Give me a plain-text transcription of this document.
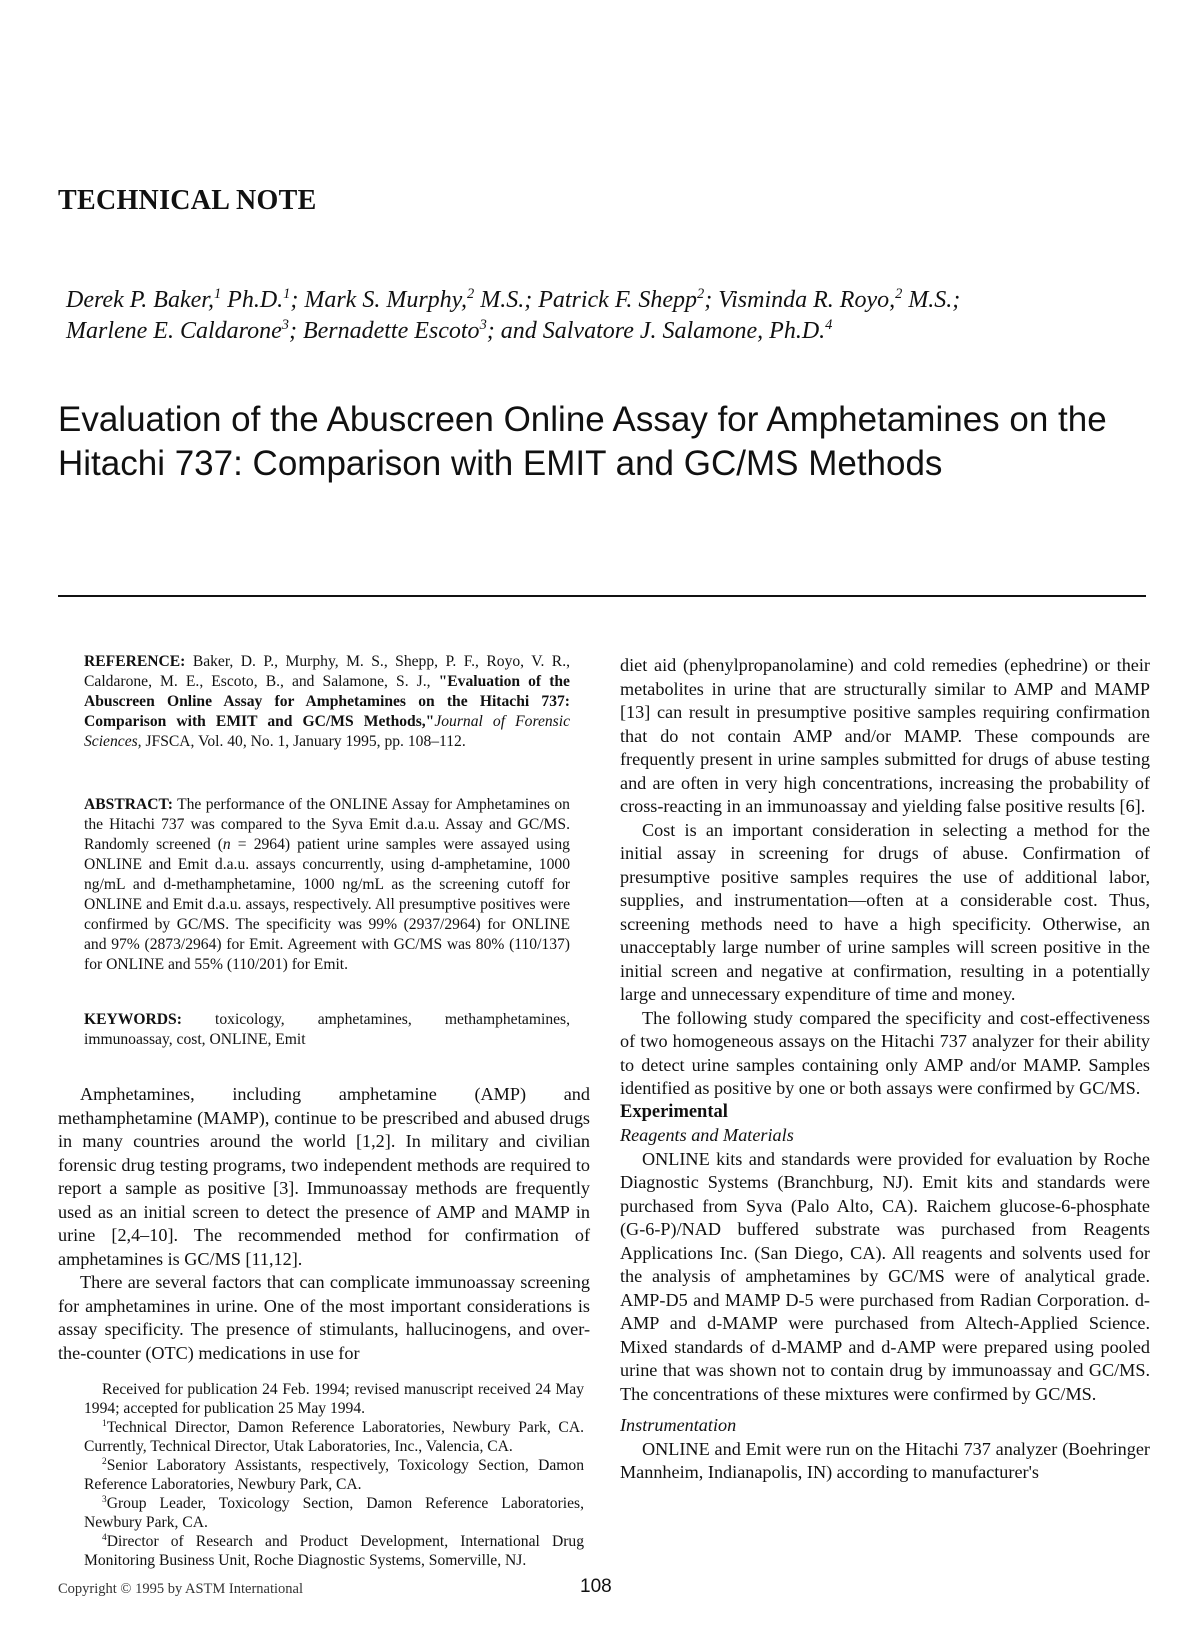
TECHNICAL NOTE
Derek P. Baker,$^1$ Ph.D.$^1$; Mark S. Murphy,$^2$ M.S.; Patrick F. Shepp$^2$; Visminda R. Royo,$^2$ M.S.;
Marlene E. Caldarone$^3$; Bernadette Escoto$^3$; and Salvatore J. Salamone, Ph.D.$^4$
Evaluation of the Abuscreen Online Assay for Amphetamines on the Hitachi 737: Comparison with EMIT and GC/MS Methods
REFERENCE: Baker, D. P., Murphy, M. S., Shepp, P. F., Royo, V. R., Caldarone, M. E., Escoto, B., and Salamone, S. J., "Evaluation of the Abuscreen Online Assay for Amphetamines on the Hitachi 737: Comparison with EMIT and GC/MS Methods,"Journal of Forensic Sciences, JFSCA, Vol. 40, No. 1, January 1995, pp. 108–112.
ABSTRACT: The performance of the ONLINE Assay for Amphetamines on the Hitachi 737 was compared to the Syva Emit d.a.u. Assay and GC/MS. Randomly screened (n = 2964) patient urine samples were assayed using ONLINE and Emit d.a.u. assays concurrently, using d-amphetamine, 1000 ng/mL and d-methamphetamine, 1000 ng/mL as the screening cutoff for ONLINE and Emit d.a.u. assays, respectively. All presumptive positives were confirmed by GC/MS. The specificity was 99% (2937/2964) for ONLINE and 97% (2873/2964) for Emit. Agreement with GC/MS was 80% (110/137) for ONLINE and 55% (110/201) for Emit.
KEYWORDS: toxicology, amphetamines, methamphetamines, immunoassay, cost, ONLINE, Emit

Amphetamines, including amphetamine (AMP) and methamphetamine (MAMP), continue to be prescribed and abused drugs in many countries around the world [1,2]. In military and civilian forensic drug testing programs, two independent methods are required to report a sample as positive [3]. Immunoassay methods are frequently used as an initial screen to detect the presence of AMP and MAMP in urine [2,4–10]. The recommended method for confirmation of amphetamines is GC/MS [11,12].

There are several factors that can complicate immunoassay screening for amphetamines in urine. One of the most important considerations is assay specificity. The presence of stimulants, hallucinogens, and over-the-counter (OTC) medications in use for

Received for publication 24 Feb. 1994; revised manuscript received 24 May 1994; accepted for publication 25 May 1994.

$^1$Technical Director, Damon Reference Laboratories, Newbury Park, CA. Currently, Technical Director, Utak Laboratories, Inc., Valencia, CA.

$^2$Senior Laboratory Assistants, respectively, Toxicology Section, Damon Reference Laboratories, Newbury Park, CA.

$^3$Group Leader, Toxicology Section, Damon Reference Laboratories, Newbury Park, CA.

$^4$Director of Research and Product Development, International Drug Monitoring Business Unit, Roche Diagnostic Systems, Somerville, NJ.

diet aid (phenylpropanolamine) and cold remedies (ephedrine) or their metabolites in urine that are structurally similar to AMP and MAMP [13] can result in presumptive positive samples requiring confirmation that do not contain AMP and/or MAMP. These compounds are frequently present in urine samples submitted for drugs of abuse testing and are often in very high concentrations, increasing the probability of cross-reacting in an immunoassay and yielding false positive results [6].

Cost is an important consideration in selecting a method for the initial assay in screening for drugs of abuse. Confirmation of presumptive positive samples requires the use of additional labor, supplies, and instrumentation—often at a considerable cost. Thus, screening methods need to have a high specificity. Otherwise, an unacceptably large number of urine samples will screen positive in the initial screen and negative at confirmation, resulting in a potentially large and unnecessary expenditure of time and money.

The following study compared the specificity and cost-effectiveness of two homogeneous assays on the Hitachi 737 analyzer for their ability to detect urine samples containing only AMP and/or MAMP. Samples identified as positive by one or both assays were confirmed by GC/MS.

Experimental

Reagents and Materials

ONLINE kits and standards were provided for evaluation by Roche Diagnostic Systems (Branchburg, NJ). Emit kits and standards were purchased from Syva (Palo Alto, CA). Raichem glucose-6-phosphate (G-6-P)/NAD buffered substrate was purchased from Reagents Applications Inc. (San Diego, CA). All reagents and solvents used for the analysis of amphetamines by GC/MS were of analytical grade. AMP-D5 and MAMP D-5 were purchased from Radian Corporation. d-AMP and d-MAMP were purchased from Altech-Applied Science. Mixed standards of d-MAMP and d-AMP were prepared using pooled urine that was shown not to contain drug by immunoassay and GC/MS. The concentrations of these mixtures were confirmed by GC/MS.

Instrumentation

ONLINE and Emit were run on the Hitachi 737 analyzer (Boehringer Mannheim, Indianapolis, IN) according to manufacturer's

Copyright © 1995 by ASTM International	108
